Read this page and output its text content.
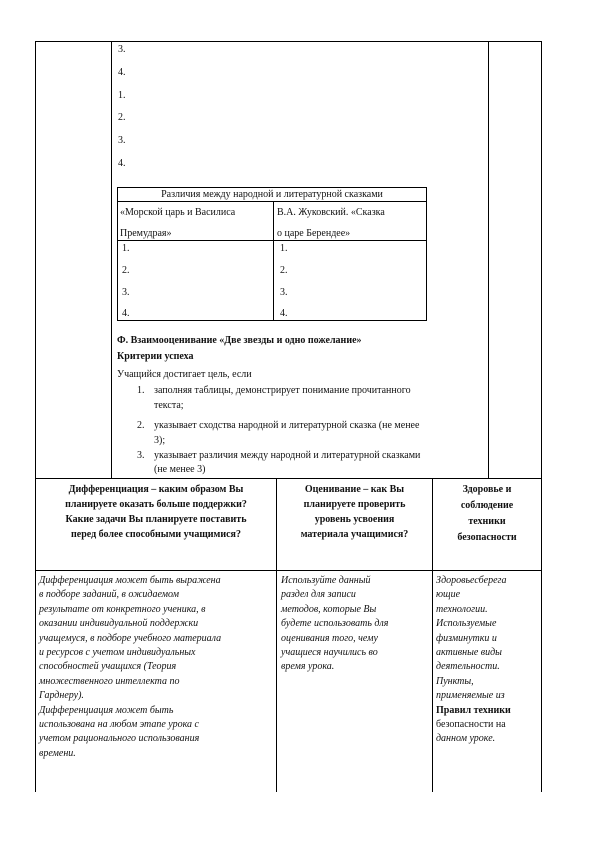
3.
4.
1.
2.
3.
4.
Различия между народной и литературной сказками
«Морской царь и Василиса
Премудрая»
В.А. Жуковский. «Сказка
о царе Берендее»
1.
2.
3.
4.
1.
2.
3.
4.
Ф. Взаимооценивание «Две звезды и одно пожелание»
Критерии успеха
Учащийся достигает цель, если
1. заполняя таблицы, демонстрирует понимание прочитанного
текста;
2. указывает сходства народной и литературной сказка (не менее
3);
3. указывает различия между народной и литературной сказками
(не менее 3)
Дифференциация – каким образом Вы
планируете оказать больше поддержки?
Какие задачи Вы планируете поставить
перед более способными учащимися?
Оценивание – как Вы
планируете проверить
уровень усвоения
материала учащимися?
Здоровье и
соблюдение
техники
безопасности
Дифференциация может быть выражена
в подборе заданий, в ожидаемом
результате от конкретного ученика, в
оказании индивидуальной поддержки
учащемуся, в подборе учебного материала
и ресурсов с учетом индивидуальных
способностей учащихся (Теория
множественного интеллекта по
Гарднеру).
Дифференциация может быть
использована на любом этапе урока с
учетом рационального использования
времени.
Используйте данный
раздел для записи
методов, которые Вы
будете использовать для
оценивания того, чему
учащиеся научились во
время урока.
Здоровьесберега
ющие
технологии.
Используемые
физминутки и
активные виды
деятельности.
Пункты,
применяемые из
Правил техники
безопасности на
данном уроке.
